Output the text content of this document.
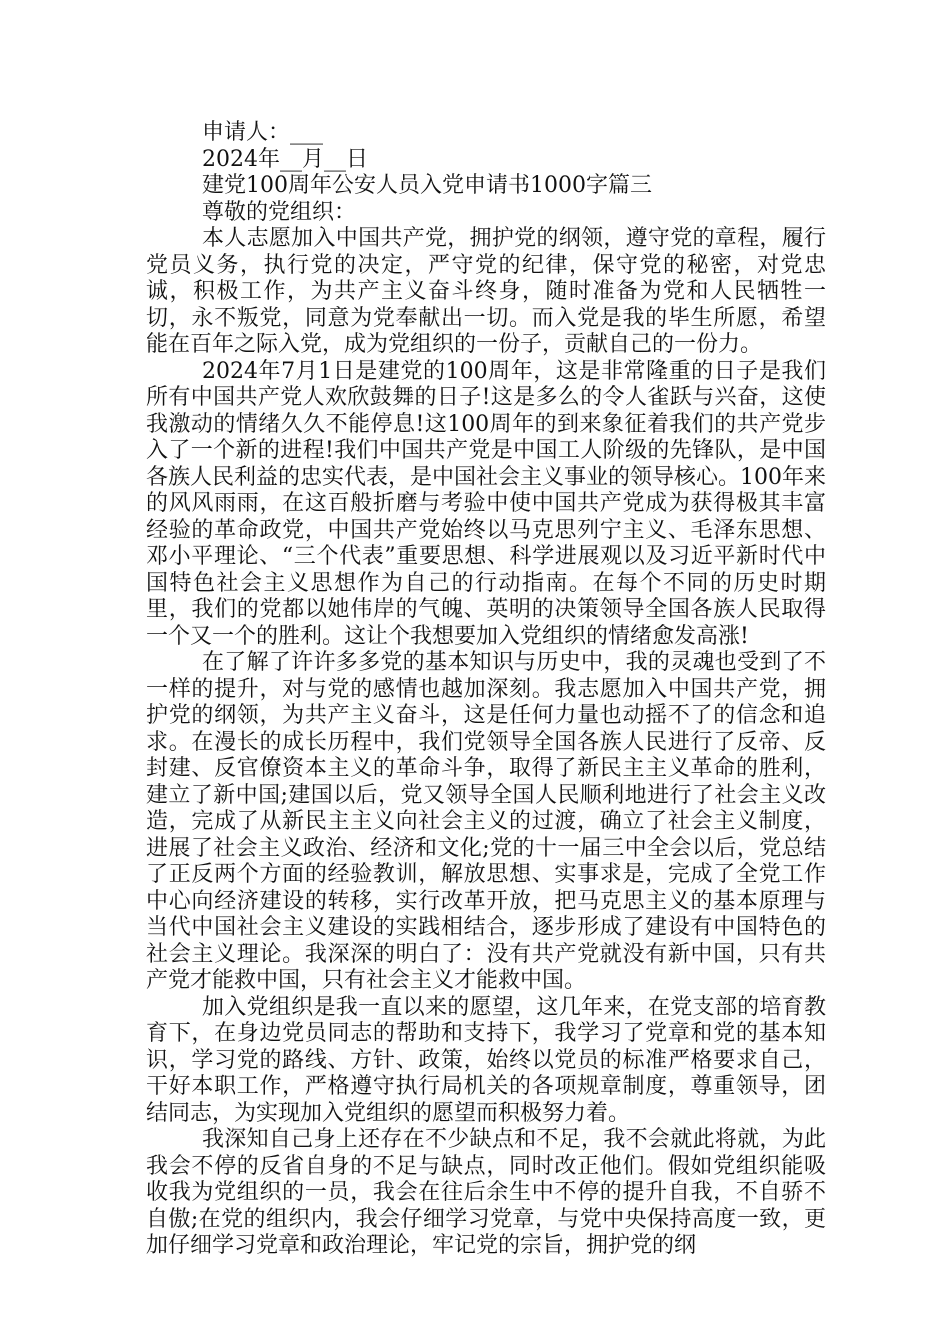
申请人：___

2024年__月__日

建党100周年公安人员入党申请书1000字篇三

尊敬的党组织：

本人志愿加入中国共产党，拥护党的纲领，遵守党的章程，履行党员义务，执行党的决定，严守党的纪律，保守党的秘密，对党忠诚，积极工作，为共产主义奋斗终身，随时准备为党和人民牺牲一切，永不叛党，同意为党奉献出一切。而入党是我的毕生所愿，希望能在百年之际入党，成为党组织的一份子，贡献自己的一份力。

2024年7月1日是建党的100周年，这是非常隆重的日子是我们所有中国共产党人欢欣鼓舞的日子!这是多么的令人雀跃与兴奋，这使我激动的情绪久久不能停息!这100周年的到来象征着我们的共产党步入了一个新的进程!我们中国共产党是中国工人阶级的先锋队，是中国各族人民利益的忠实代表，是中国社会主义事业的领导核心。100年来的风风雨雨，在这百般折磨与考验中使中国共产党成为获得极其丰富经验的革命政党，中国共产党始终以马克思列宁主义、毛泽东思想、邓小平理论、“三个代表”重要思想、科学进展观以及习近平新时代中国特色社会主义思想作为自己的行动指南。在每个不同的历史时期里，我们的党都以她伟岸的气魄、英明的决策领导全国各族人民取得一个又一个的胜利。这让个我想要加入党组织的情绪愈发高涨!

在了解了许许多多党的基本知识与历史中，我的灵魂也受到了不一样的提升，对与党的感情也越加深刻。我志愿加入中国共产党，拥护党的纲领，为共产主义奋斗，这是任何力量也动摇不了的信念和追求。在漫长的成长历程中，我们党领导全国各族人民进行了反帝、反封建、反官僚资本主义的革命斗争，取得了新民主主义革命的胜利，建立了新中国;建国以后，党又领导全国人民顺利地进行了社会主义改造，完成了从新民主主义向社会主义的过渡，确立了社会主义制度，进展了社会主义政治、经济和文化;党的十一届三中全会以后，党总结了正反两个方面的经验教训，解放思想、实事求是，完成了全党工作中心向经济建设的转移，实行改革开放，把马克思主义的基本原理与当代中国社会主义建设的实践相结合，逐步形成了建设有中国特色的社会主义理论。我深深的明白了：没有共产党就没有新中国，只有共产党才能救中国，只有社会主义才能救中国。

加入党组织是我一直以来的愿望，这几年来，在党支部的培育教育下，在身边党员同志的帮助和支持下，我学习了党章和党的基本知识，学习党的路线、方针、政策，始终以党员的标准严格要求自己，干好本职工作，严格遵守执行局机关的各项规章制度，尊重领导，团结同志，为实现加入党组织的愿望而积极努力着。

我深知自己身上还存在不少缺点和不足，我不会就此将就，为此我会不停的反省自身的不足与缺点，同时改正他们。假如党组织能吸收我为党组织的一员，我会在往后余生中不停的提升自我，不自骄不自傲;在党的组织内，我会仔细学习党章，与党中央保持高度一致，更加仔细学习党章和政治理论，牢记党的宗旨，拥护党的纲
